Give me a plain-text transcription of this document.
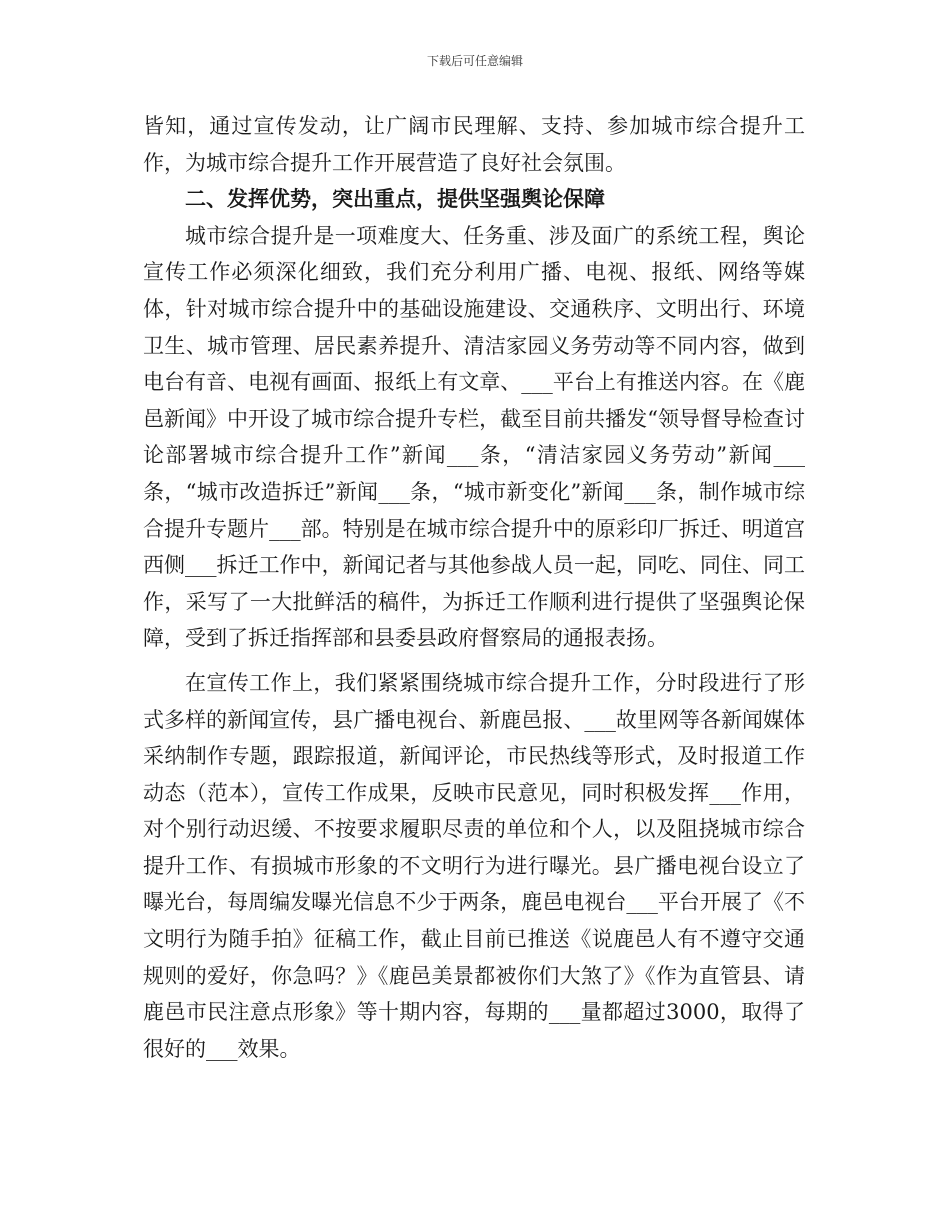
下载后可任意编辑

皆知，通过宣传发动，让广阔市民理解、支持、参加城市综合提升工作，为城市综合提升工作开展营造了良好社会氛围。

二、发挥优势，突出重点，提供坚强舆论保障

城市综合提升是一项难度大、任务重、涉及面广的系统工程，舆论宣传工作必须深化细致，我们充分利用广播、电视、报纸、网络等媒体，针对城市综合提升中的基础设施建设、交通秩序、文明出行、环境卫生、城市管理、居民素养提升、清洁家园义务劳动等不同内容，做到电台有音、电视有画面、报纸上有文章、___平台上有推送内容。在《鹿邑新闻》中开设了城市综合提升专栏，截至目前共播发“领导督导检查讨论部署城市综合提升工作”新闻___条，“清洁家园义务劳动”新闻___条，“城市改造拆迁”新闻___条，“城市新变化”新闻___条，制作城市综合提升专题片___部。特别是在城市综合提升中的原彩印厂拆迁、明道宫西侧___拆迁工作中，新闻记者与其他参战人员一起，同吃、同住、同工作，采写了一大批鲜活的稿件，为拆迁工作顺利进行提供了坚强舆论保障，受到了拆迁指挥部和县委县政府督察局的通报表扬。

在宣传工作上，我们紧紧围绕城市综合提升工作，分时段进行了形式多样的新闻宣传，县广播电视台、新鹿邑报、___故里网等各新闻媒体采纳制作专题，跟踪报道，新闻评论，市民热线等形式，及时报道工作动态（范本），宣传工作成果，反映市民意见，同时积极发挥___作用，对个别行动迟缓、不按要求履职尽责的单位和个人，以及阻挠城市综合提升工作、有损城市形象的不文明行为进行曝光。县广播电视台设立了曝光台，每周编发曝光信息不少于两条，鹿邑电视台___平台开展了《不文明行为随手拍》征稿工作，截止目前已推送《说鹿邑人有不遵守交通规则的爱好，你急吗？》《鹿邑美景都被你们大煞了》《作为直管县、请鹿邑市民注意点形象》等十期内容，每期的___量都超过3000，取得了很好的___效果。
